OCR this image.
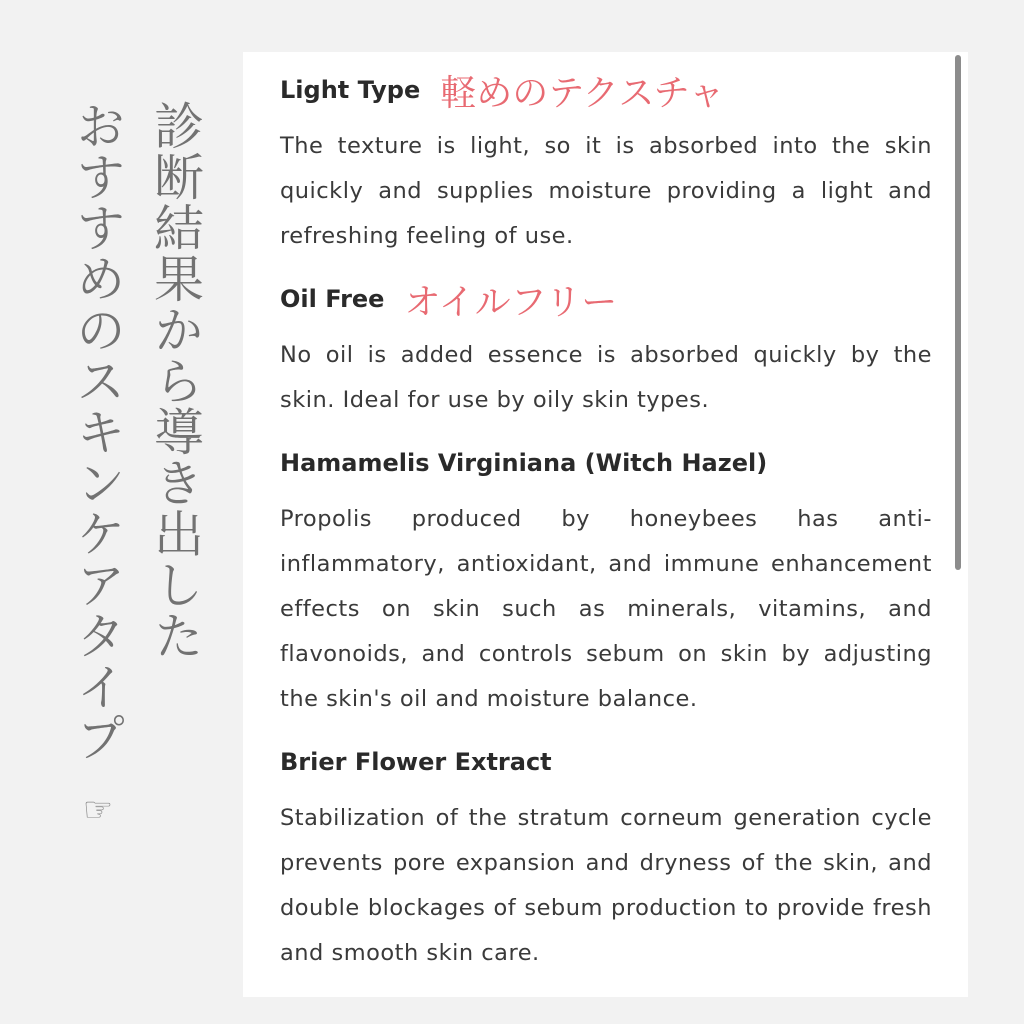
診断結果から導き出した
おすすめのスキンケアタイプ
☞
Light Type 軽めのテクスチャ
The texture is light, so it is absorbed into the skin quickly and supplies moisture providing a light and refreshing feeling of use.
Oil Free オイルフリー
No oil is added essence is absorbed quickly by the skin. Ideal for use by oily skin types.
Hamamelis Virginiana (Witch Hazel)
Propolis produced by honeybees has anti-inflammatory, antioxidant, and immune enhancement effects on skin such as minerals, vitamins, and flavonoids, and controls sebum on skin by adjusting the skin's oil and moisture balance.
Brier Flower Extract
Stabilization of the stratum corneum generation cycle prevents pore expansion and dryness of the skin, and double blockages of sebum production to provide fresh and smooth skin care.
